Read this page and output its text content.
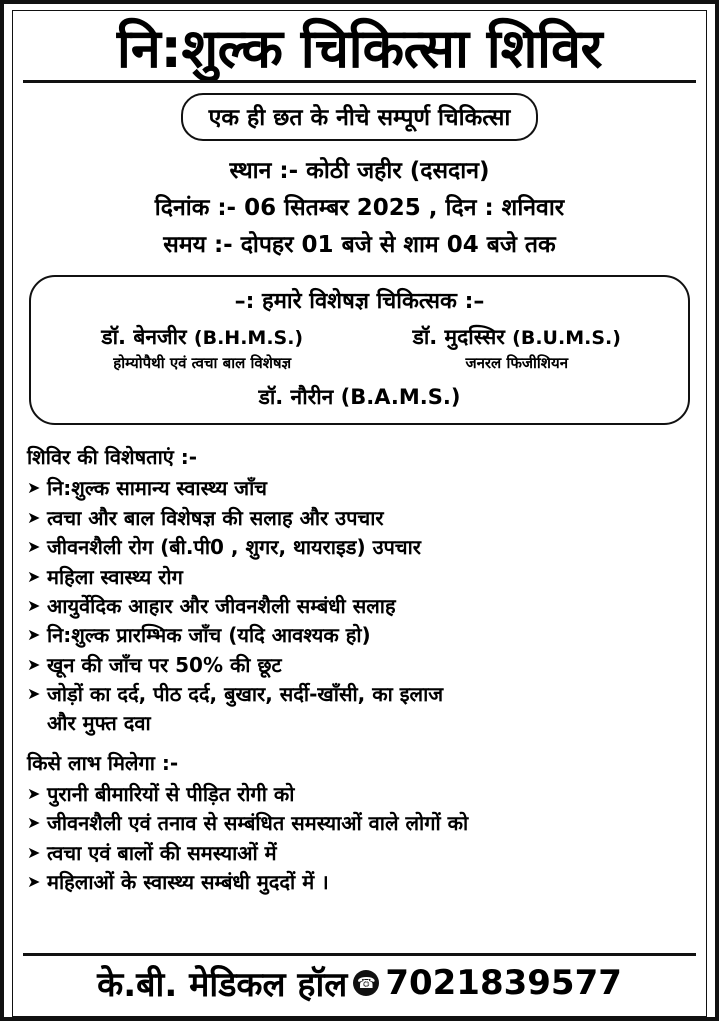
नि:शुल्क चिकित्सा शिविर
एक ही छत के नीचे सम्पूर्ण चिकित्सा
स्थान :- कोठी जहीर (दसदान)
दिनांक :- 06 सितम्बर 2025 , दिन : शनिवार
समय :- दोपहर 01 बजे से शाम 04 बजे तक
–: हमारे विशेषज्ञ चिकित्सक :–
डॉ. बेनजीर (B.H.M.S.)
होम्योपैथी एवं त्वचा बाल विशेषज्ञ
डॉ. मुदस्सिर (B.U.M.S.)
जनरल फिजीशियन
डॉ. नौरीन (B.A.M.S.)
शिविर की विशेषताएं :-
➤ नि:शुल्क सामान्य स्वास्थ्य जाँच
➤ त्वचा और बाल विशेषज्ञ की सलाह और उपचार
➤ जीवनशैली रोग (बी.पी0 , शुगर, थायराइड) उपचार
➤ महिला स्वास्थ्य रोग
➤ आयुर्वेदिक आहार और जीवनशैली सम्बंधी सलाह
➤ नि:शुल्क प्रारम्भिक जाँच (यदि आवश्यक हो)
➤ खून की जाँच पर 50% की छूट
➤ जोड़ों का दर्द, पीठ दर्द, बुखार, सर्दी-खाँसी, का इलाज
और मुफ्त दवा
किसे लाभ मिलेगा :-
➤ पुरानी बीमारियों से पीड़ित रोगी को
➤ जीवनशैली एवं तनाव से सम्बंधित समस्याओं वाले लोगों को
➤ त्वचा एवं बालों की समस्याओं में
➤ महिलाओं के स्वास्थ्य सम्बंधी मुददों में ।
के.बी. मेडिकल हॉल ☎ 7021839577
